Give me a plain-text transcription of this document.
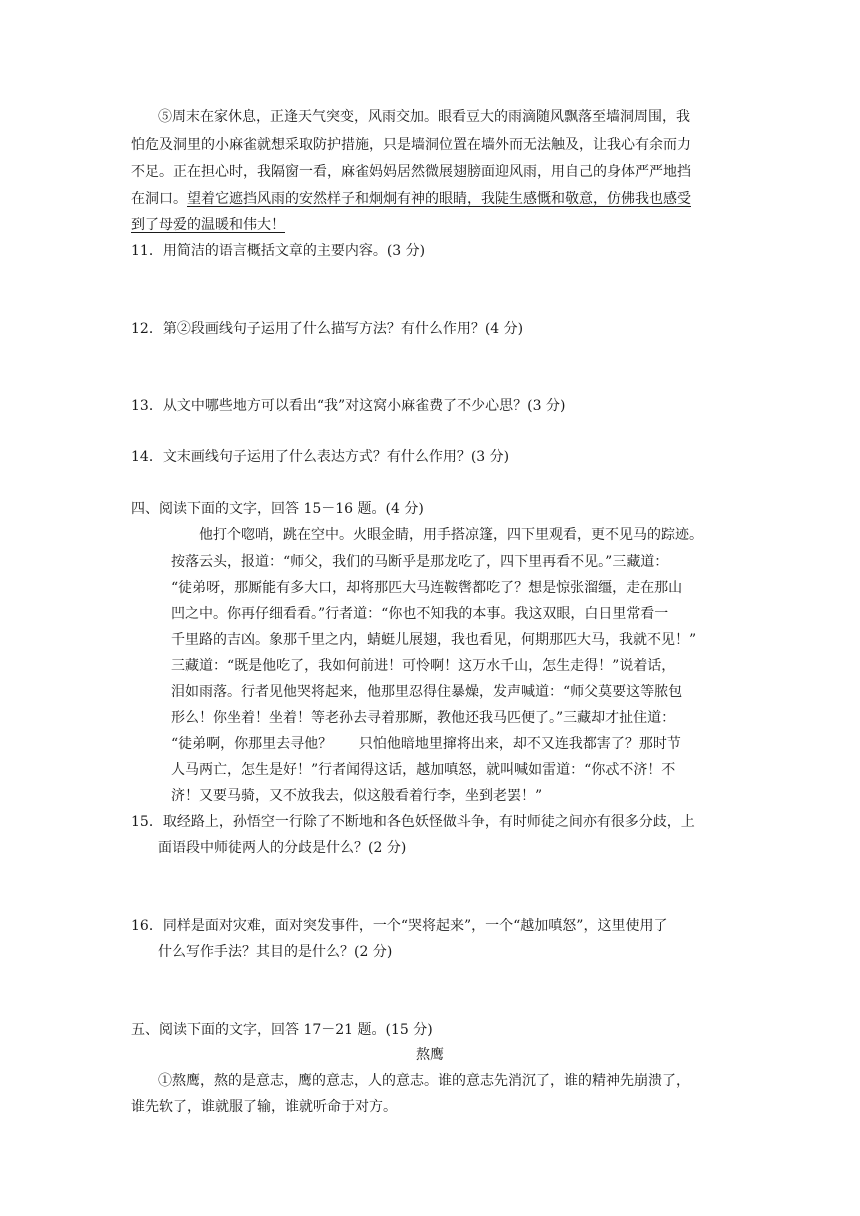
⑤周末在家休息，正逢天气突变，风雨交加。眼看豆大的雨滴随风飘落至墙洞周围，我
怕危及洞里的小麻雀就想采取防护措施，只是墙洞位置在墙外而无法触及，让我心有余而力
不足。正在担心时，我隔窗一看，麻雀妈妈居然微展翅膀面迎风雨，用自己的身体严严地挡
在洞口。望着它遮挡风雨的安然样子和炯炯有神的眼睛，我陡生感慨和敬意，仿佛我也感受
到了母爱的温暖和伟大！
11．用简洁的语言概括文章的主要内容。(3 分)
12．第②段画线句子运用了什么描写方法？有什么作用？(4 分)
13．从文中哪些地方可以看出“我”对这窝小麻雀费了不少心思？(3 分)
14．文末画线句子运用了什么表达方式？有什么作用？(3 分)
四、阅读下面的文字，回答 15－16 题。(4 分)
他打个唿哨，跳在空中。火眼金睛，用手搭凉篷，四下里观看，更不见马的踪迹。
按落云头，报道：“师父，我们的马断乎是那龙吃了，四下里再看不见。”三藏道：
“徒弟呀，那厮能有多大口，却将那匹大马连鞍辔都吃了？想是惊张溜缰，走在那山
凹之中。你再仔细看看。”行者道：“你也不知我的本事。我这双眼，白日里常看一
千里路的吉凶。象那千里之内，蜻蜓儿展翅，我也看见，何期那匹大马，我就不见！”
三藏道：“既是他吃了，我如何前进！可怜啊！这万水千山，怎生走得！”说着话，
泪如雨落。行者见他哭将起来，他那里忍得住暴燥，发声喊道：“师父莫要这等脓包
形么！你坐着！坐着！等老孙去寻着那厮，教他还我马匹便了。”三藏却才扯住道：
“徒弟啊，你那里去寻他？      只怕他暗地里撺将出来，却不又连我都害了？那时节
人马两亡，怎生是好！”行者闻得这话，越加嗔怒，就叫喊如雷道：“你忒不济！不
济！又要马骑，又不放我去，似这般看着行李，坐到老罢！”
15．取经路上，孙悟空一行除了不断地和各色妖怪做斗争，有时师徒之间亦有很多分歧，上
面语段中师徒两人的分歧是什么？(2 分)
16．同样是面对灾难，面对突发事件，一个“哭将起来”，一个“越加嗔怒”，这里使用了
什么写作手法？其目的是什么？(2 分)
五、阅读下面的文字，回答 17－21 题。(15 分)
熬鹰
①熬鹰，熬的是意志，鹰的意志，人的意志。谁的意志先消沉了，谁的精神先崩溃了，
谁先软了，谁就服了输，谁就听命于对方。
